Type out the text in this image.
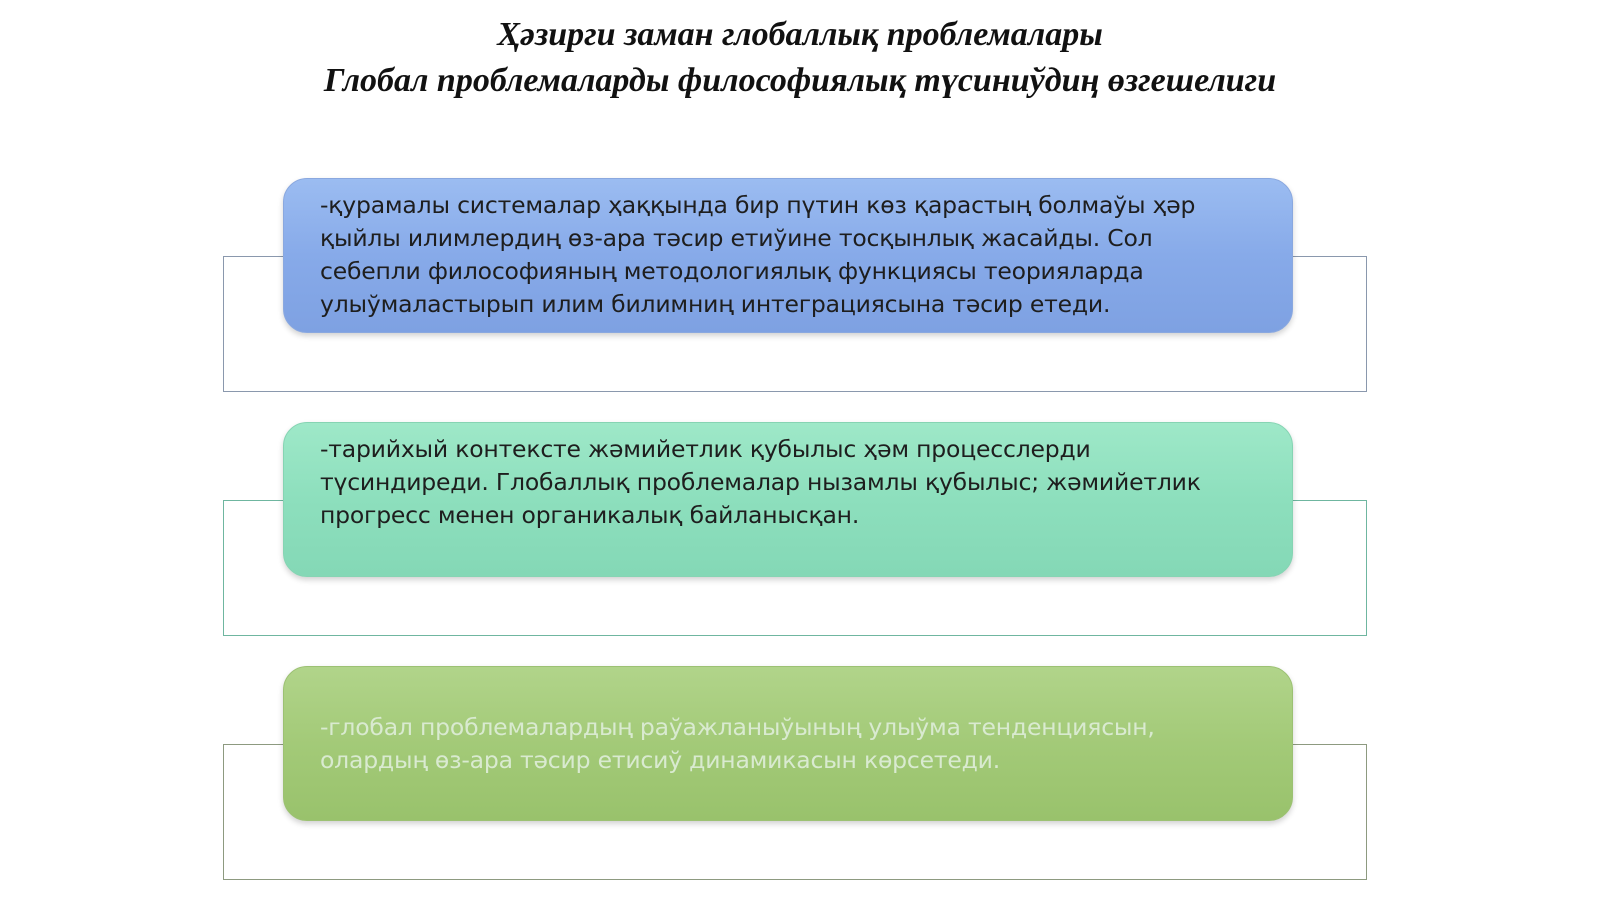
Ҳәзирги заман глобаллық проблемалары
Глобал проблемаларды философиялық түсиниўдиң өзгешелиги
-қурамалы системалар ҳаққында бир пүтин көз қарастың болмаўы ҳәр
қыйлы илимлердиң өз-ара тәсир етиўине тосқынлық жасайды. Сол
себепли философияның методологиялық функциясы теорияларда
улыўмаластырып илим билимниң интеграциясына тәсир етеди.
-тарийхый контексте жәмийетлик қубылыс ҳәм процесслерди
түсиндиреди. Глобаллық проблемалар нызамлы қубылыс; жәмийетлик
прогресс менен органикалық байланысқан.
-глобал проблемалардың раўажланыўының улыўма тенденциясын,
олардың өз-ара тәсир етисиў динамикасын көрсетеди.
